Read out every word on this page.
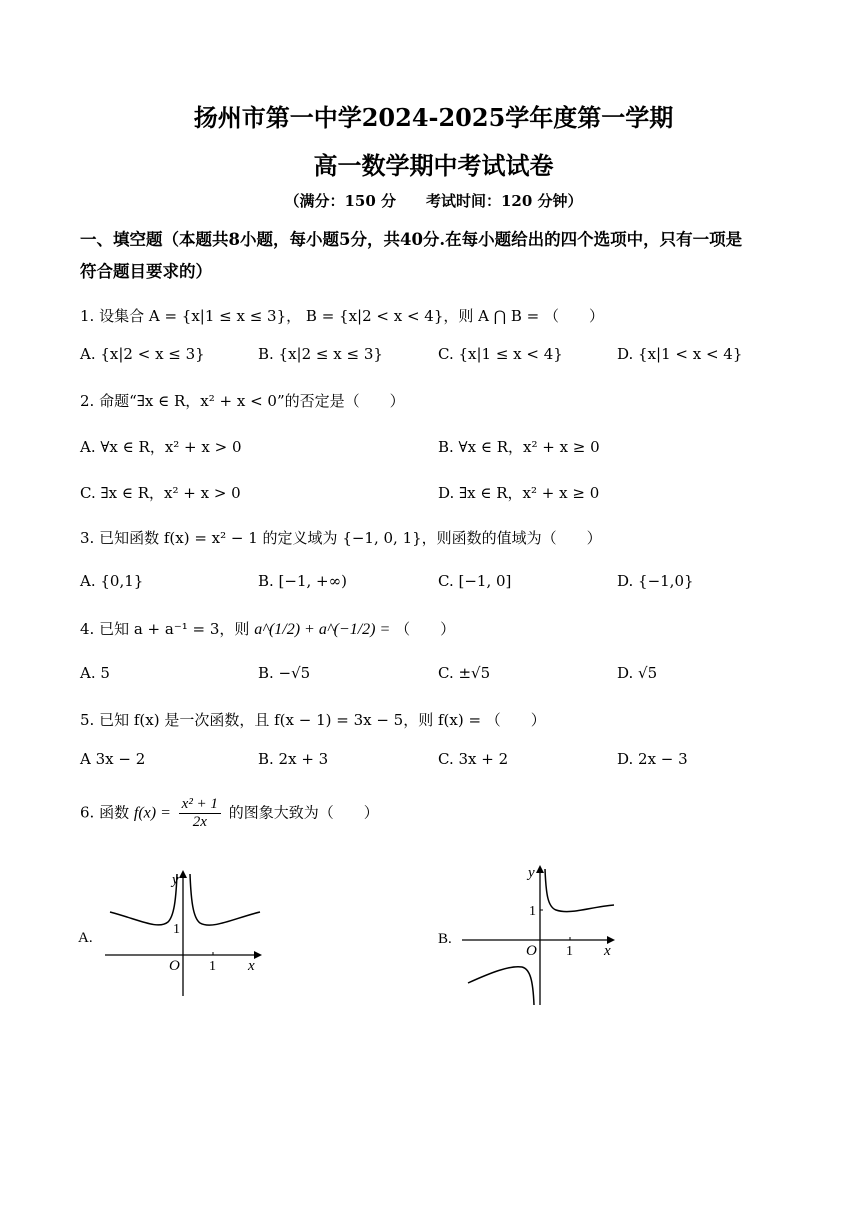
扬州市第一中学2024-2025学年度第一学期
高一数学期中考试试卷
（满分：150 分　　考试时间：120 分钟）
一、填空题（本题共8小题，每小题5分，共40分.在每小题给出的四个选项中，只有一项是
符合题目要求的）
1. 设集合 A = {x|1 ≤ x ≤ 3}， B = {x|2 < x < 4}，则 A ⋂ B = （　　）
A. {x|2 < x ≤ 3}	B. {x|2 ≤ x ≤ 3}	C. {x|1 ≤ x < 4}	D. {x|1 < x < 4}
2. 命题“∃x ∈ R，x² + x < 0”的否定是（　　）
A. ∀x ∈ R，x² + x > 0	B. ∀x ∈ R，x² + x ≥ 0
C. ∃x ∈ R，x² + x > 0	D. ∃x ∈ R，x² + x ≥ 0
3. 已知函数 f(x) = x² − 1 的定义域为 {−1, 0, 1}，则函数的值域为（　　）
A. {0,1}	B. [−1, +∞)	C. [−1, 0]	D. {−1,0}
4. 已知 a + a⁻¹ = 3，则 a^(1/2) + a^(−1/2) = （　　）
A. 5	B. −√5	C. ±√5	D. √5
5. 已知 f(x) 是一次函数，且 f(x − 1) = 3x − 5，则 f(x) = （　　）
A 3x − 2	B. 2x + 3	C. 3x + 2	D. 2x − 3
6. 函数 $f(x) = \frac{\text{x² + 1}}{2x}$ 的图象大致为（　　）
A.
y
x
O 1
1
B.
y
x
O 1
1
